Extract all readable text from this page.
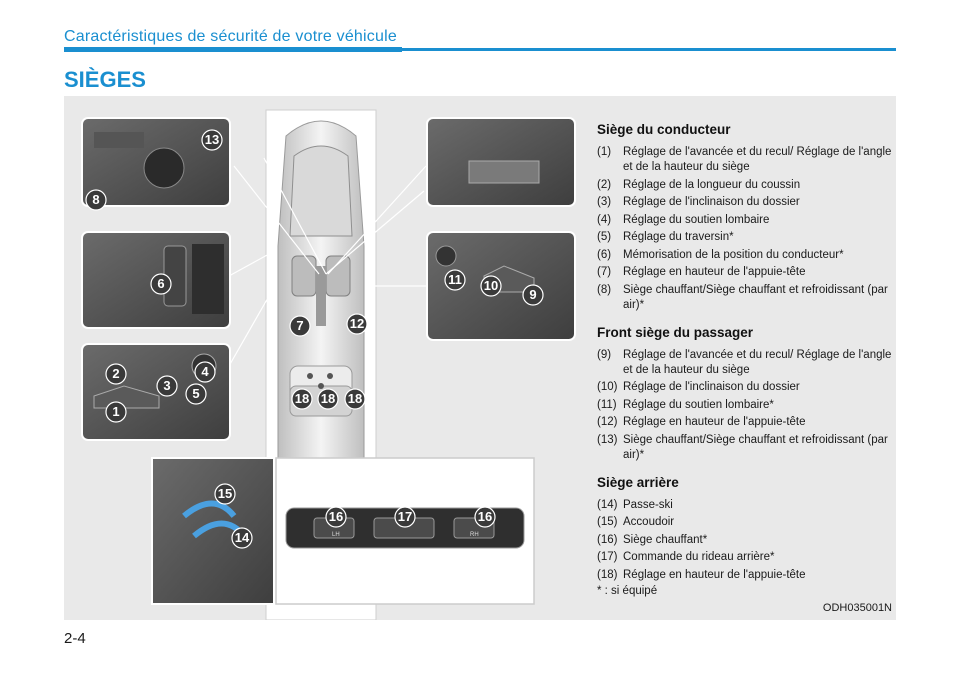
Caractéristiques de sécurité de votre véhicule
SIÈGES
LH	RH
13
8
6
2	4
3
5
1
7	12
11 10
9
18 18 18
15
14
16	17	16
Siège du conducteur
(1)	Réglage de l'avancée et du recul/ Réglage de l'angle et de la hauteur du siège
(2)	Réglage de la longueur du coussin
(3)	Réglage de l'inclinaison du dossier
(4)	Réglage du soutien lombaire
(5)	Réglage du traversin*
(6)	Mémorisation de la position du conducteur*
(7)	Réglage en hauteur de l'appuie-tête
(8)	Siège chauffant/Siège chauffant et refroidissant (par air)*
Front siège du passager
(9)	Réglage de l'avancée et du recul/ Réglage de l'angle et de la hauteur du siège
(10) Réglage de l'inclinaison du dossier
(11) Réglage du soutien lombaire*
(12) Réglage en hauteur de l'appuie-tête
(13) Siège chauffant/Siège chauffant et refroidissant (par air)*
Siège arrière
(14) Passe-ski
(15) Accoudoir
(16) Siège chauffant*
(17) Commande du rideau arrière*
(18) Réglage en hauteur de l'appuie-tête
* : si équipé
ODH035001N
2-4
